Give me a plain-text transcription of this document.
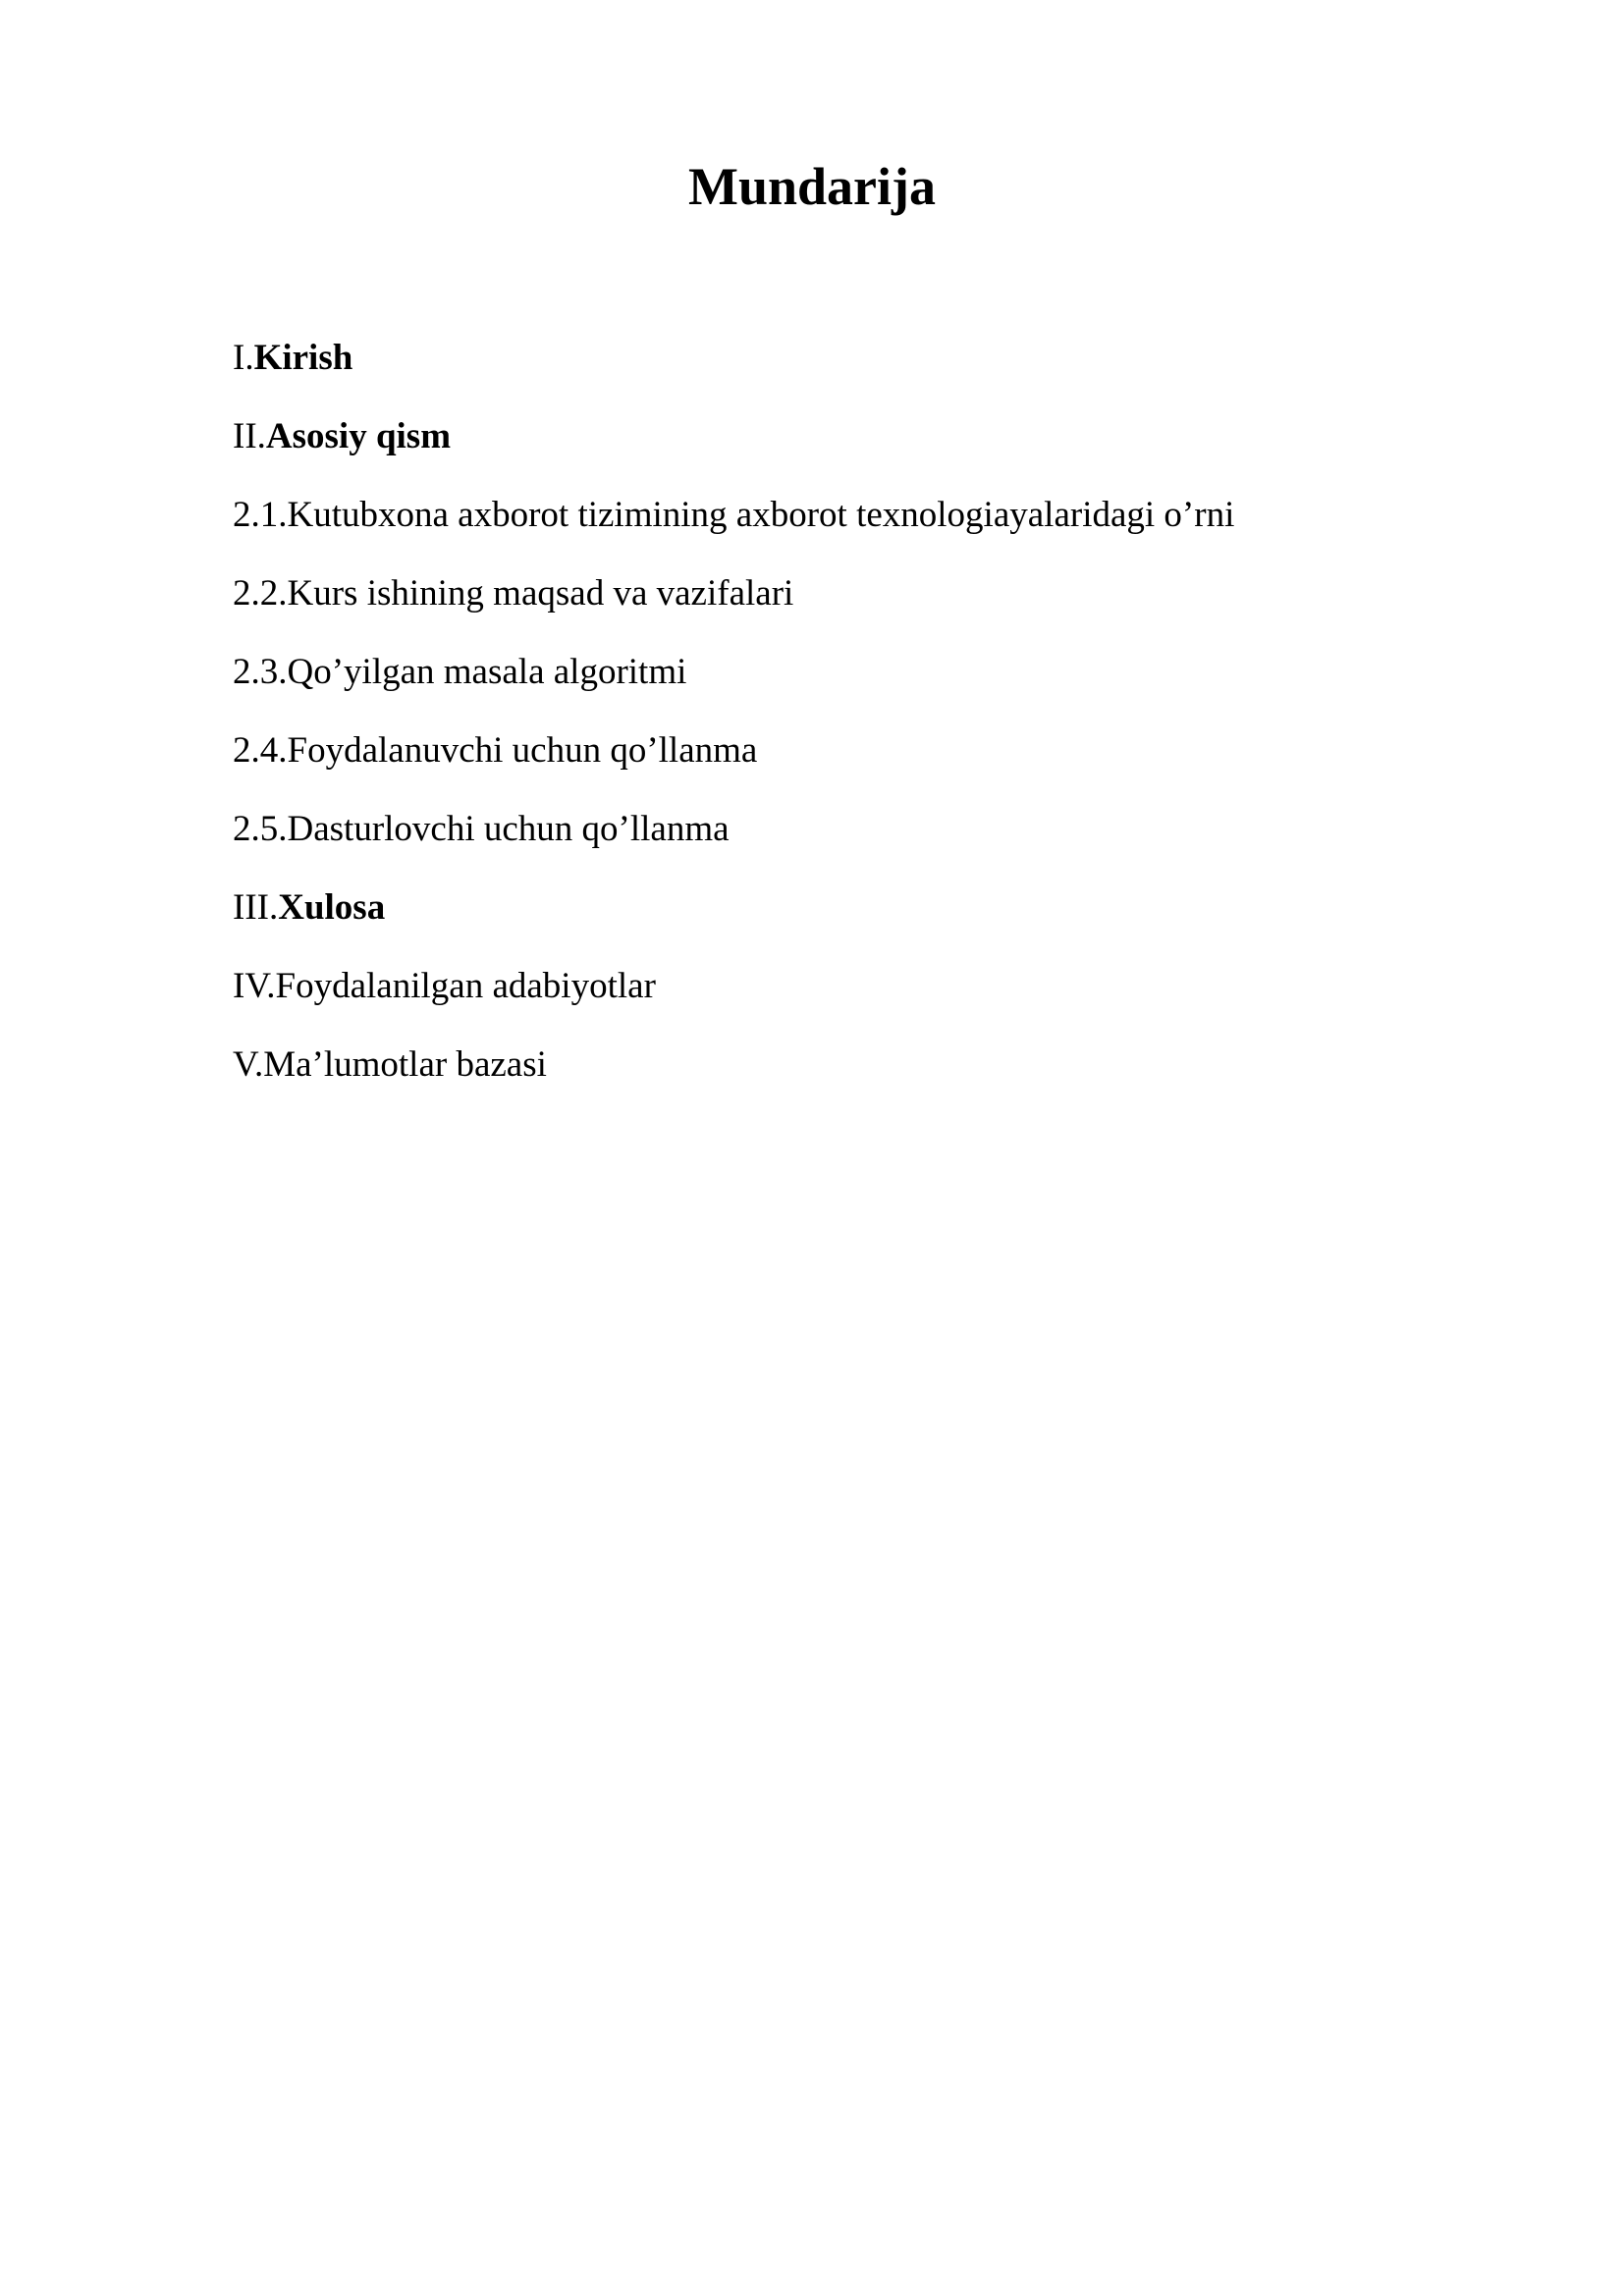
Mundarija
I.Kirish
II.Asosiy qism
2.1.Kutubxona axborot tizimining axborot texnologiayalaridagi o’rni
2.2.Kurs ishining maqsad va vazifalari
2.3.Qo’yilgan masala algoritmi
2.4.Foydalanuvchi uchun qo’llanma
2.5.Dasturlovchi uchun qo’llanma
III.Xulosa
IV.Foydalanilgan adabiyotlar
V.Ma’lumotlar bazasi
